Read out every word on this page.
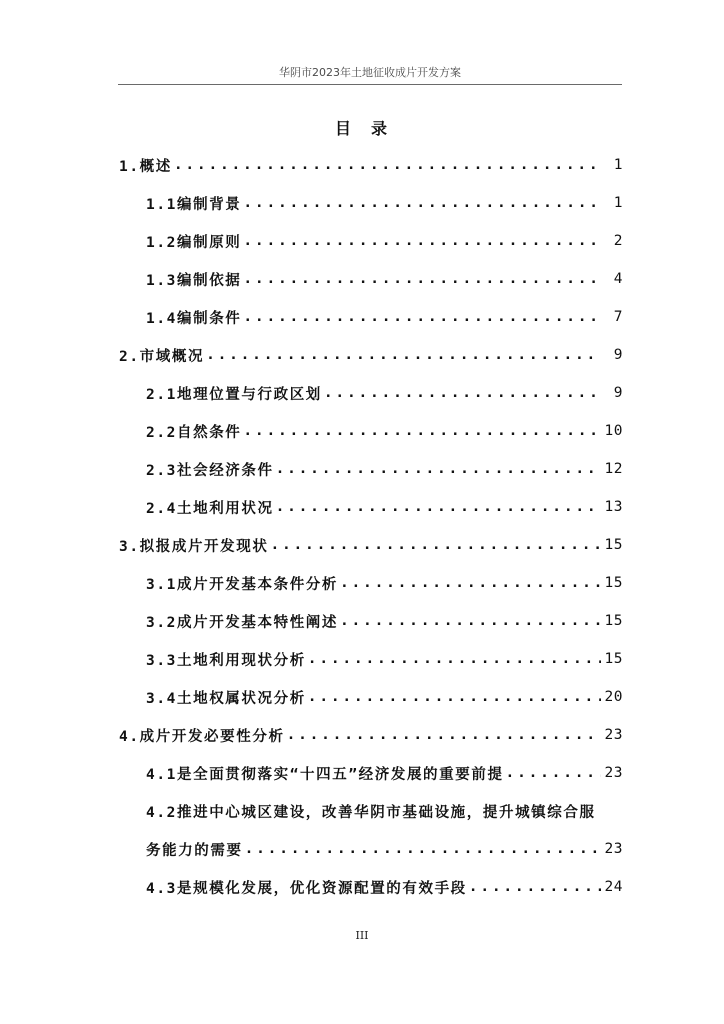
华阴市2023年土地征收成片开发方案
目 录
1.概述 .....	1
1.1编制背景 .....	1
1.2编制原则 .....	2
1.3编制依据 .....	4
1.4编制条件 .....	7
2.市域概况 .....	9
2.1地理位置与行政区划 .....	9
2.2自然条件 .....	10
2.3社会经济条件 .....	12
2.4土地利用状况 .....	13
3.拟报成片开发现状 .....	15
3.1成片开发基本条件分析 .....	15
3.2成片开发基本特性阐述 .....	15
3.3土地利用现状分析 .....	15
3.4土地权属状况分析 .....	20
4.成片开发必要性分析 .....	23
4.1是全面贯彻落实“十四五”经济发展的重要前提 .....	23
4.2推进中心城区建设，改善华阴市基础设施，提升城镇综合服
务能力的需要 .....	23
4.3是规模化发展，优化资源配置的有效手段 .....	24
III
